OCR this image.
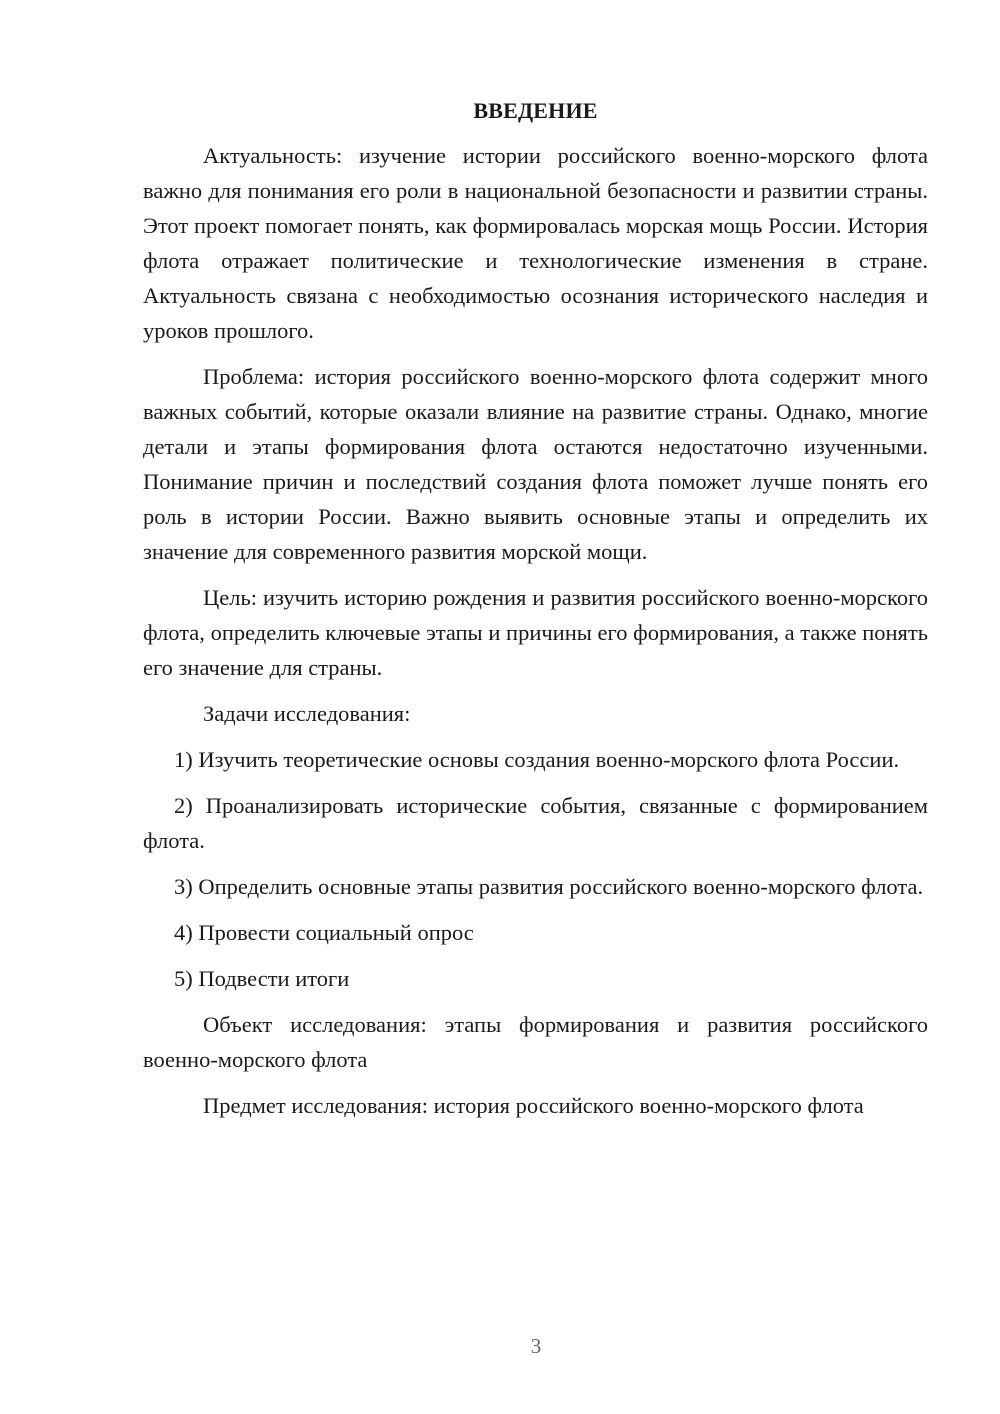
ВВЕДЕНИЕ

Актуальность: изучение истории российского военно-морского флота важно для понимания его роли в национальной безопасности и развитии страны. Этот проект помогает понять, как формировалась морская мощь России. История флота отражает политические и технологические изменения в стране. Актуальность связана с необходимостью осознания исторического наследия и уроков прошлого.

Проблема: история российского военно-морского флота содержит много важных событий, которые оказали влияние на развитие страны. Однако, многие детали и этапы формирования флота остаются недостаточно изученными. Понимание причин и последствий создания флота поможет лучше понять его роль в истории России. Важно выявить основные этапы и определить их значение для современного развития морской мощи.

Цель: изучить историю рождения и развития российского военно-морского флота, определить ключевые этапы и причины его формирования, а также понять его значение для страны.

Задачи исследования:

1) Изучить теоретические основы создания военно-морского флота России.

2) Проанализировать исторические события, связанные с формированием флота.

3) Определить основные этапы развития российского военно-морского флота.

4) Провести социальный опрос

5) Подвести итоги

Объект исследования: этапы формирования и развития российского военно-морского флота

Предмет исследования: история российского военно-морского флота

3
